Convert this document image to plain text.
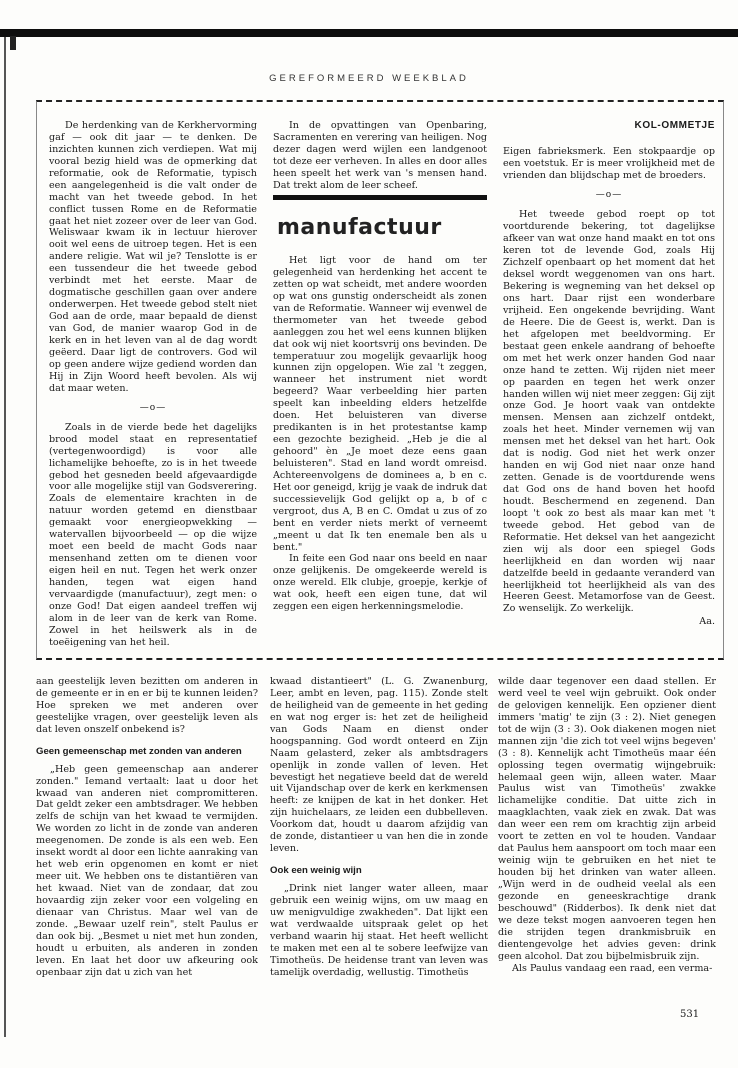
GEREFORMEERD WEEKBLAD

De herdenking van de Kerkhervorming gaf — ook dit jaar — te denken. De inzichten kunnen zich verdiepen. Wat mij vooral bezig hield was de opmerking dat reformatie, ook de Reformatie, typisch een aangelegenheid is die valt onder de macht van het tweede gebod. In het conflict tussen Rome en de Reformatie gaat het niet zozeer over de leer van God. Weliswaar kwam ik in lectuur hierover ooit wel eens de uitroep tegen. Het is een andere religie. Wat wil je? Tenslotte is er een tussendeur die het tweede gebod verbindt met het eerste. Maar de dogmatische geschillen gaan over andere onderwerpen. Het tweede gebod stelt niet God aan de orde, maar bepaald de dienst van God, de manier waarop God in de kerk en in het leven van al de dag wordt geëerd. Daar ligt de controvers. God wil op geen andere wijze gediend worden dan Hij in Zijn Woord heeft bevolen. Als wij dat maar weten.

—o—

Zoals in de vierde bede het dagelijks brood model staat en representatief (vertegenwoordigd) is voor alle lichamelijke behoefte, zo is in het tweede gebod het gesneden beeld afgevaardigde voor alle mogelijke stijl van Godsverering. Zoals de elementaire krachten in de natuur worden getemd en dienstbaar gemaakt voor energieopwekking — watervallen bijvoorbeeld — op die wijze moet een beeld de macht Gods naar mensenhand zetten om te dienen voor eigen heil en nut. Tegen het werk onzer handen, tegen wat eigen hand vervaardigde (manufactuur), zegt men: o onze God! Dat eigen aandeel treffen wij alom in de leer van de kerk van Rome. Zowel in het heilswerk als in de toeëigening van het heil.

In de opvattingen van Openbaring, Sacramenten en verering van heiligen. Nog dezer dagen werd wijlen een landgenoot tot deze eer verheven. In alles en door alles heen speelt het werk van 's mensen hand. Dat trekt alom de leer scheef.

manufactuur

Het ligt voor de hand om ter gelegenheid van herdenking het accent te zetten op wat scheidt, met andere woorden op wat ons gunstig onderscheidt als zonen van de Reformatie. Wanneer wij evenwel de thermometer van het tweede gebod aanleggen zou het wel eens kunnen blijken dat ook wij niet koortsvrij ons bevinden. De temperatuur zou mogelijk gevaarlijk hoog kunnen zijn opgelopen. Wie zal 't zeggen, wanneer het instrument niet wordt begeerd? Waar verbeelding hier parten speelt kan inbeelding elders hetzelfde doen. Het beluisteren van diverse predikanten is in het protestantse kamp een gezochte bezigheid. „Heb je die al gehoord" èn „Je moet deze eens gaan beluisteren". Stad en land wordt omreisd. Achtereenvolgens de dominees a, b en c. Het oor geneigd, krijg je vaak de indruk dat successievelijk God gelijkt op a, b of c vergroot, dus A, B en C. Omdat u zus of zo bent en verder niets merkt of verneemt „meent u dat Ik ten enemale ben als u bent."

In feite een God naar ons beeld en naar onze gelijkenis. De omgekeerde wereld is onze wereld. Elk clubje, groepje, kerkje of wat ook, heeft een eigen tune, dat wil zeggen een eigen herkenningsmelodie.

KOL-OMMETJE

Eigen fabrieksmerk. Een stokpaardje op een voetstuk. Er is meer vrolijkheid met de vrienden dan blijdschap met de broeders.

—o—

Het tweede gebod roept op tot voortdurende bekering, tot dagelijkse afkeer van wat onze hand maakt en tot ons keren tot de levende God, zoals Hij Zichzelf openbaart op het moment dat het deksel wordt weggenomen van ons hart. Bekering is wegneming van het deksel op ons hart. Daar rijst een wonderbare vrijheid. Een ongekende bevrijding. Want de Heere. Die de Geest is, werkt. Dan is het afgelopen met beeldvorming. Er bestaat geen enkele aandrang of behoefte om met het werk onzer handen God naar onze hand te zetten. Wij rijden niet meer op paarden en tegen het werk onzer handen willen wij niet meer zeggen: Gij zijt onze God. Je hoort vaak van ontdekte mensen. Mensen aan zichzelf ontdekt, zoals het heet. Minder vernemen wij van mensen met het deksel van het hart. Ook dat is nodig. God niet het werk onzer handen en wij God niet naar onze hand zetten. Genade is de voortdurende wens dat God ons de hand boven het hoofd houdt. Beschermend en zegenend. Dan loopt 't ook zo best als maar kan met 't tweede gebod. Het gebod van de Reformatie. Het deksel van het aangezicht zien wij als door een spiegel Gods heerlijkheid en dan worden wij naar datzelfde beeld in gedaante veranderd van heerlijkheid tot heerlijkheid als van des Heeren Geest. Metamorfose van de Geest. Zo wenselijk. Zo werkelijk.

Aa.

aan geestelijk leven bezitten om anderen in de gemeente er in en er bij te kunnen leiden? Hoe spreken we met anderen over geestelijke vragen, over geestelijk leven als dat leven onszelf onbekend is?

Geen gemeenschap met zonden van anderen

„Heb geen gemeenschap aan anderer zonden." Iemand vertaalt: laat u door het kwaad van anderen niet compromitteren. Dat geldt zeker een ambtsdrager. We hebben zelfs de schijn van het kwaad te vermijden. We worden zo licht in de zonde van anderen meegenomen. De zonde is als een web. Een insekt wordt al door een lichte aanraking van het web erin opgenomen en komt er niet meer uit. We hebben ons te distantiëren van het kwaad. Niet van de zondaar, dat zou hovaardig zijn zeker voor een volgeling en dienaar van Christus. Maar wel van de zonde. „Bewaar uzelf rein", stelt Paulus er dan ook bij. „Besmet u niet met hun zonden, houdt u erbuiten, als anderen in zonden leven. En laat het door uw afkeuring ook openbaar zijn dat u zich van het

kwaad distantieert" (L. G. Zwanenburg, Leer, ambt en leven, pag. 115). Zonde stelt de heiligheid van de gemeente in het geding en wat nog erger is: het zet de heiligheid van Gods Naam en dienst onder hoogspanning. God wordt onteerd en Zijn Naam gelasterd, zeker als ambtsdragers openlijk in zonde vallen of leven. Het bevestigt het negatieve beeld dat de wereld uit Vijandschap over de kerk en kerkmensen heeft: ze knijpen de kat in het donker. Het zijn huichelaars, ze leiden een dubbelleven. Voorkom dat, houdt u daarom afzijdig van de zonde, distantieer u van hen die in zonde leven.

Ook een weinig wijn

„Drink niet langer water alleen, maar gebruik een weinig wijns, om uw maag en uw menigvuldige zwakheden". Dat lijkt een wat verdwaalde uitspraak gelet op het verband waarin hij staat. Het heeft wellicht te maken met een al te sobere leefwijze van Timotheüs. De heidense trant van leven was tamelijk overdadig, wellustig. Timotheüs

wilde daar tegenover een daad stellen. Er werd veel te veel wijn gebruikt. Ook onder de gelovigen kennelijk. Een opziener dient immers 'matig' te zijn (3 : 2). Niet genegen tot de wijn (3 : 3). Ook diakenen mogen niet mannen zijn 'die zich tot veel wijns begeven' (3 : 8). Kennelijk acht Timotheüs maar één oplossing tegen overmatig wijngebruik: helemaal geen wijn, alleen water. Maar Paulus wist van Timotheüs' zwakke lichamelijke conditie. Dat uitte zich in maagklachten, vaak ziek en zwak. Dat was dan weer een rem om krachtig zijn arbeid voort te zetten en vol te houden. Vandaar dat Paulus hem aanspoort om toch maar een weinig wijn te gebruiken en het niet te houden bij het drinken van water alleen. „Wijn werd in de oudheid veelal als een gezonde en geneeskrachtige drank beschouwd" (Ridderbos). Ik denk niet dat we deze tekst mogen aanvoeren tegen hen die strijden tegen drankmisbruik en dientengevolge het advies geven: drink geen alcohol. Dat zou bijbelmisbruik zijn.

Als Paulus vandaag een raad, een verma-

531
